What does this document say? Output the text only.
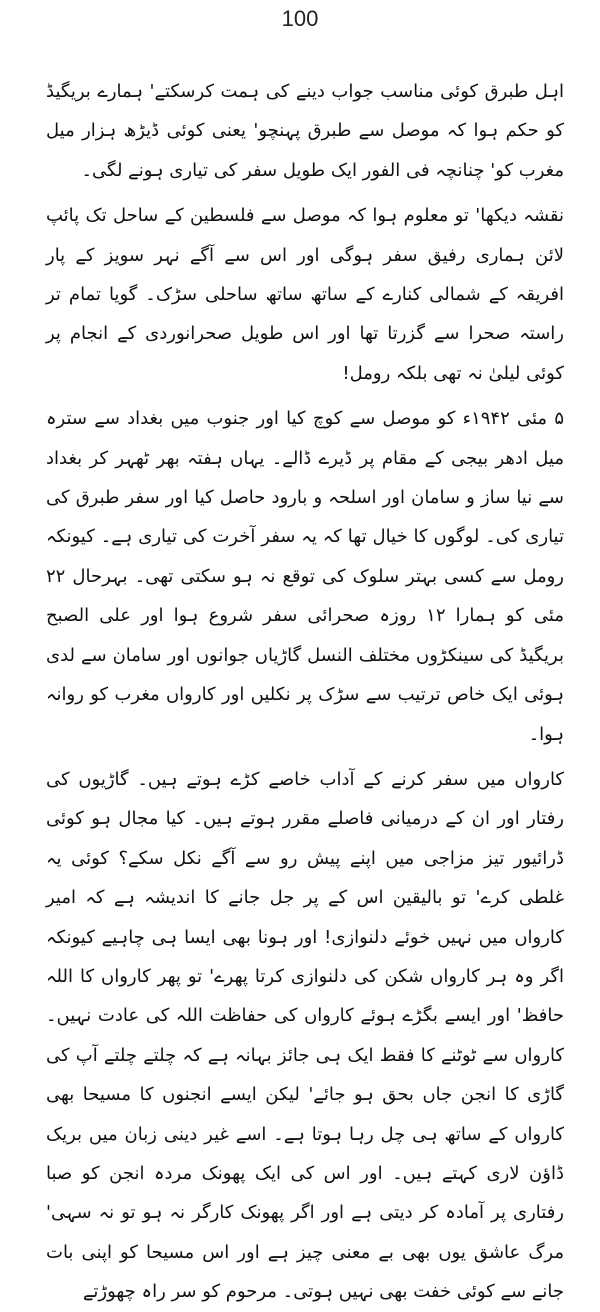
100

اہل طبرق کوئی مناسب جواب دینے کی ہمت کرسکتے' ہمارے بریگیڈ کو حکم ہوا کہ موصل سے طبرق پہنچو' یعنی کوئی ڈیڑھ ہزار میل مغرب کو' چنانچہ فی الفور ایک طویل سفر کی تیاری ہونے لگی۔

نقشہ دیکھا' تو معلوم ہوا کہ موصل سے فلسطین کے ساحل تک پائپ لائن ہماری رفیق سفر ہوگی اور اس سے آگے نہر سویز کے پار افریقہ کے شمالی کنارے کے ساتھ ساتھ ساحلی سڑک۔ گویا تمام تر راستہ صحرا سے گزرتا تھا اور اس طویل صحرانوردی کے انجام پر کوئی لیلیٰ نہ تھی بلکہ رومل!

۵ مئی ۱۹۴۲ء کو موصل سے کوچ کیا اور جنوب میں بغداد سے سترہ میل ادھر بیجی کے مقام پر ڈیرے ڈالے۔ یہاں ہفتہ بھر ٹھہر کر بغداد سے نیا ساز و سامان اور اسلحہ و بارود حاصل کیا اور سفر طبرق کی تیاری کی۔ لوگوں کا خیال تھا کہ یہ سفر آخرت کی تیاری ہے۔ کیونکہ رومل سے کسی بہتر سلوک کی توقع نہ ہو سکتی تھی۔ بہرحال ۲۲ مئی کو ہمارا ۱۲ روزہ صحرائی سفر شروع ہوا اور علی الصبح بریگیڈ کی سینکڑوں مختلف النسل گاڑیاں جوانوں اور سامان سے لدی ہوئی ایک خاص ترتیب سے سڑک پر نکلیں اور کارواں مغرب کو روانہ ہوا۔

کارواں میں سفر کرنے کے آداب خاصے کڑے ہوتے ہیں۔ گاڑیوں کی رفتار اور ان کے درمیانی فاصلے مقرر ہوتے ہیں۔ کیا مجال ہو کوئی ڈرائیور تیز مزاجی میں اپنے پیش رو سے آگے نکل سکے؟ کوئی یہ غلطی کرے' تو بالیقین اس کے پر جل جانے کا اندیشہ ہے کہ امیر کارواں میں نہیں خوئے دلنوازی! اور ہونا بھی ایسا ہی چاہیے کیونکہ اگر وہ ہر کارواں شکن کی دلنوازی کرتا پھرے' تو پھر کارواں کا اللہ حافظ' اور ایسے بگڑے ہوئے کارواں کی حفاظت اللہ کی عادت نہیں۔ کارواں سے ٹوٹنے کا فقط ایک ہی جائز بہانہ ہے کہ چلتے چلتے آپ کی گاڑی کا انجن جاں بحق ہو جائے' لیکن ایسے انجنوں کا مسیحا بھی کارواں کے ساتھ ہی چل رہا ہوتا ہے۔ اسے غیر دینی زبان میں بریک ڈاؤن لاری کہتے ہیں۔ اور اس کی ایک پھونک مردہ انجن کو صبا رفتاری پر آمادہ کر دیتی ہے اور اگر پھونک کارگر نہ ہو تو نہ سہی' مرگ عاشق یوں بھی بے معنی چیز ہے اور اس مسیحا کو اپنی بات جانے سے کوئی خفت بھی نہیں ہوتی۔ مرحوم کو سر راہ چھوڑتے
